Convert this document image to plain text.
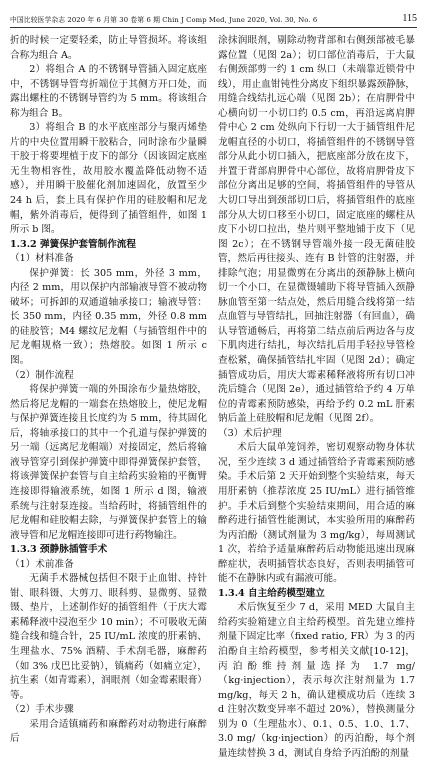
中国比较医学杂志 2020 年 6 月第 30 卷第 6 期 Chin J Comp Med, June 2020, Vol. 30, No. 6	115

折的时候一定要轻柔，防止导管损坏。将该组合称为组合 A。

2）将组合 A 的不锈钢导管插入固定底座中，不锈钢导管弯折端位于其侧方开口处，而露出螺柱的不锈钢导管约为 5 mm。将该组合称为组合 B。

3）将组合 B 的水平底座部分与聚丙烯垫片的中央位置用瞬干胶粘合，同时涂布少量瞬干胶于将要埋植于皮下的部分（因该固定底座无生物相容性，故用胶水覆盖降低动物不适感），并用瞬干胶催化剂加速固化，放置至少 24 h 后，套上具有保护作用的硅胶帽和尼龙帽，紫外消毒后，便得到了插管组件，如图 1 所示 b 图。

1.3.2 弹簧保护套管制作流程

（1）材料准备

保护弹簧：长 305 mm，外径 3 mm，内径 2 mm，用以保护内部输液导管不被动物破坏；可拆卸的双通道轴承接口；输液导管：长 350 mm，内径 0.35 mm，外径 0.8 mm 的硅胶管；M4 螺纹尼龙帽（与插管组件中的尼龙帽规格一致）；热熔胶。如图 1 所示 c 图。

（2）制作流程

将保护弹簧一端的外围涂布少量热熔胶，然后将尼龙帽的一端套在热熔胶上，使尼龙帽与保护弹簧连接且长度约为 5 mm，待其固化后，将轴承接口的其中一个孔道与保护弹簧的另一端（远离尼龙帽端）对接固定，然后将输液导管穿引到保护弹簧中即得弹簧保护套管，将该弹簧保护套管与自主给药实验箱的平衡臂连接即得输液系统，如图 1 所示 d 图，输液系统与注射泵连接。当给药时，将插管组件的尼龙帽和硅胶帽去除，与弹簧保护套管上的输液导管和尼龙帽连接即可进行药物输注。

1.3.3 颈静脉插管手术

（1）术前准备

无菌手术器械包括但不限于止血钳、持针钳、眼科镊、大剪刀、眼科剪、显微剪、显微镊、垫片，上述制作好的插管组件（于庆大霉素稀释液中浸泡至少 10 min）；不可吸收无菌缝合线和缝合针，25 IU/mL 浓度的肝素钠、生理盐水、75% 酒精、手术刮毛器，麻醉药（如 3% 戊巴比妥钠），镇痛药（如痛立定），抗生素（如青霉素），润眼剂（如金霉素眼膏）等。

（2）手术步骤

采用合适镇痛药和麻醉药对动物进行麻醉后

涂抹润眼剂，剔除动物背部和右侧颈部被毛暴露位置（见图 2a）；切口部位消毒后，于大鼠右侧颈部剪一约 1 cm 纵口（未端靠近锁骨中线），用止血钳钝性分离皮下组织暴露颈静脉，用缝合线结扎远心端（见图 2b）；在肩胛骨中心横向切一小切口约 0.5 cm，再沿远离肩胛骨中心 2 cm 处纵向下行切一大于插管组件尼龙帽直径的小切口，将插管组件的不锈钢导管部分从此小切口插入，把底座部分放在皮下，并置于背部肩胛骨中心部位，故将肩胛骨皮下部位分离出足够的空间，将插管组件的导管从大切口导出到颈部切口后，将插管组件的底座部分从大切口移至小切口，固定底座的螺柱从皮下小切口拉出，垫片则平整地铺于皮下（见图 2c）；在不锈钢导管端外接一段无菌硅胶管，然后再往接头、连有 B 针管的注射器，并排除气泡；用显微剪在分离出的颈静脉上横向切一个小口，在显微镊辅助下将导管插入颈静脉血管至第一结点处，然后用缝合线将第一结点血管与导管结扎，回抽注射器（有回血），确认导管通畅后，再将第二结点前后两边各与皮下肌肉进行结扎，每次结扎后用手轻拉导管检查松紧，确保插管结扎牢固（见图 2d）；确定插管成功后，用庆大霉素稀释液将所有切口冲洗后缝合（见图 2e），通过插管给予约 4 万单位的青霉素预防感染，再给予约 0.2 mL 肝素钠后盖上硅胶帽和尼龙帽（见图 2f）。

（3）术后护理

术后大鼠单笼饲养，密切观察动物身体状况，至少连续 3 d 通过插管给予青霉素预防感染。手术后第 2 天开始到整个实验结束，每天用肝素钠（推荐浓度 25 IU/mL）进行插管维护。手术后到整个实验结束期间，用合适的麻醉药进行插管性能测试，本实验所用的麻醉药为丙泊酚（测试剂量为 3 mg/kg），每周测试 1 次，若给予适量麻醉药后动物能迅速出现麻醉症状，表明插管状态良好，否则表明插管可能不在静脉内或有漏液可能。

1.3.4 自主给药模型建立

术后恢复至少 7 d，采用 MED 大鼠自主给药实验箱建立自主给药模型。首先建立维持剂量下固定比率（fixed ratio, FR）为 3 的丙泊酚自主给药模型，参考相关文献[10-12]，丙泊酚维持剂量选择为 1.7 mg/（kg·injection），表示每次注射剂量为 1.7 mg/kg，每天 2 h，确认建模成功后（连续 3 d 注射次数变异率不超过 20%），替换测量分别为 0（生理盐水）、0.1、0.5、1.0、1.7、3.0 mg/（kg·injection）的丙泊酚，每个剂量连续替换 3 d，测试自身给予丙泊酚的剂量
